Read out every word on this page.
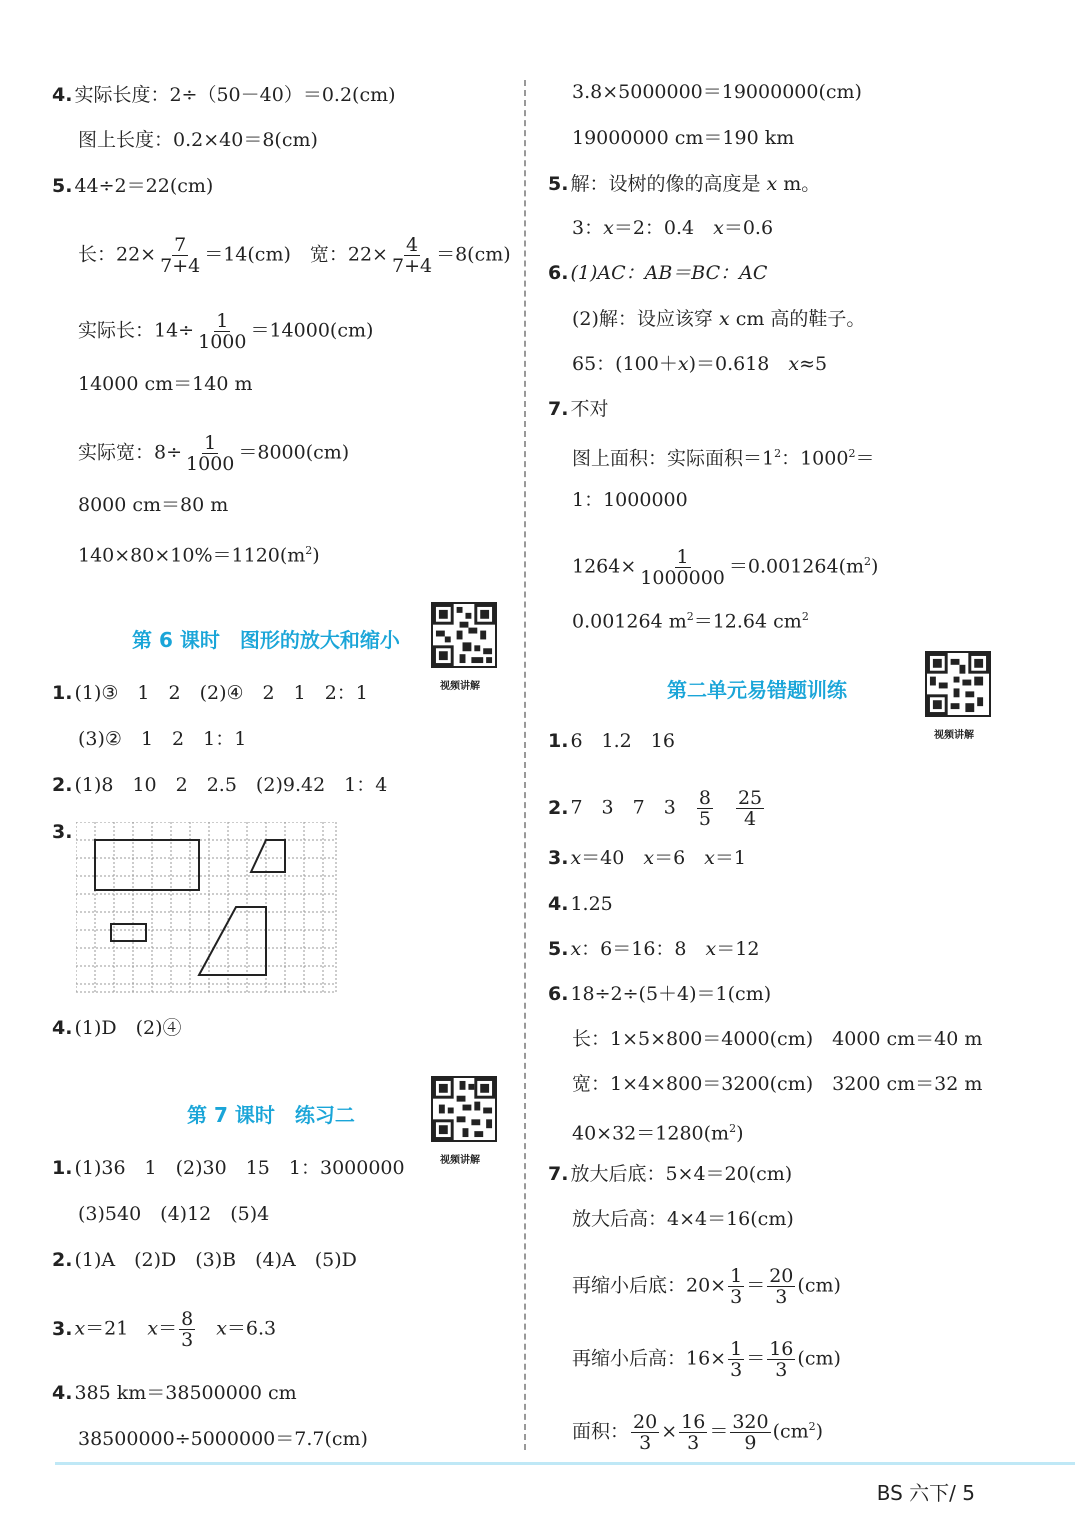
4. 实际长度：2÷（50－40）＝0.2(cm)
图上长度：0.2×40＝8(cm)
5. 44÷2＝22(cm)
长：$22\times \frac{7}{7+4} =14(cm)$　宽：$22\times \frac{4}{7+4} =8(cm)$
实际长：$14\div \frac{1}{1000} =14000(cm)$
14000 cm＝140 m
实际宽：$8\div \frac{1}{1000} =8000(cm)$
8000 cm＝80 m
$140\times 80\times 10\%=1120(m^2)$
第 6 课时　图形的放大和缩小
视频讲解
1. (1)③　1　2　(2)④　2　1　2：1
(3)②　1　2　1：1
2. (1)8　10　2　2.5　(2)9.42　1：4
3.
4. (1)D　(2)④
第 7 课时　练习二
视频讲解
1. (1)36　1　(2)30　15　1：3000000
(3)540　(4)12　(5)4
2. (1)A　(2)D　(3)B　(4)A　(5)D
3. x＝21　$x= \frac{8}{3}$
　 x＝6.3
4. 385 km＝38500000 cm
38500000÷5000000＝7.7(cm)
3.8×5000000＝19000000(cm)
19000000 cm＝190 km
5. 解：设树的像的高度是 x m。
3：x＝2：0.4　x＝0.6
6. (1)AC：AB＝BC：AC
(2)解：设应该穿 x cm 高的鞋子。
65：(100＋x)＝0.618　x≈5
7. 不对
图上面积：实际面积$=1^2$：$1000^2=$
1：1000000
$1264\times \frac{1}{1000000} =0.001264(m^2)$
0.001264 $m^2=12.64$ $cm^2$
第二单元易错题训练
视频讲解
1. 6　1.2　16
2. 7　3　7　3　 $\frac{8}{5}$
　 $\frac{25}{4}$
3. x＝40　x＝6　x＝1
4. 1.25
5. x：6＝16：8　x＝12
6. 18÷2÷(5＋4)＝1(cm)
长：1×5×800＝4000(cm)　4000 cm＝40 m
宽：1×4×800＝3200(cm)　3200 cm＝32 m
$40\times 32=1280(m^2)$
7. 放大后底：5×4＝20(cm)
放大后高：4×4＝16(cm)
再缩小后底：$20\times \frac{1}{3} = \frac{20}{3} (cm)$
再缩小后高：$16\times \frac{1}{3} = \frac{16}{3} (cm)$
面积： $\frac{20}{3} \times \frac{16}{3} = \frac{320}{9} (cm^2)$
BS 六下/ 5
